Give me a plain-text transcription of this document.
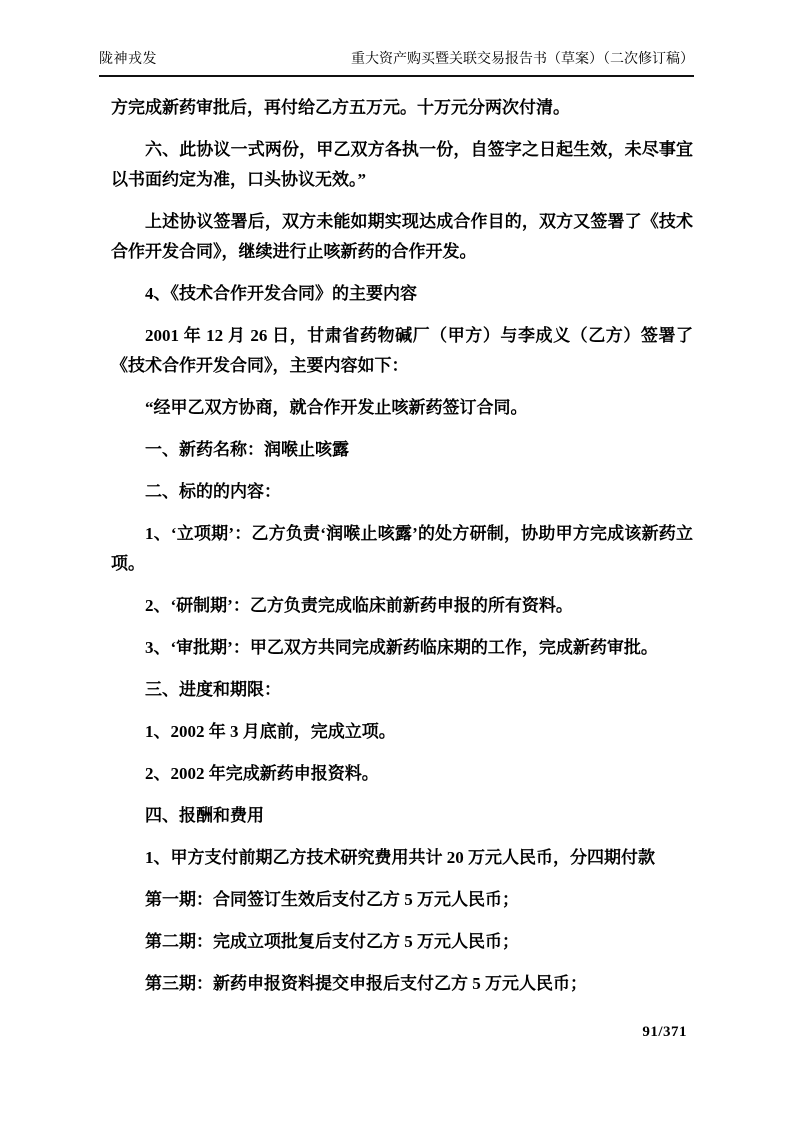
陇神戎发	重大资产购买暨关联交易报告书（草案）（二次修订稿）

方完成新药审批后，再付给乙方五万元。十万元分两次付清。

六、此协议一式两份，甲乙双方各执一份，自签字之日起生效，未尽事宜以书面约定为准，口头协议无效。”

上述协议签署后，双方未能如期实现达成合作目的，双方又签署了《技术合作开发合同》，继续进行止咳新药的合作开发。

4、《技术合作开发合同》的主要内容

2001 年 12 月 26 日，甘肃省药物碱厂（甲方）与李成义（乙方）签署了《技术合作开发合同》，主要内容如下：

“经甲乙双方协商，就合作开发止咳新药签订合同。

一、新药名称：润喉止咳露

二、标的的内容：

1、‘立项期’：乙方负责‘润喉止咳露’的处方研制，协助甲方完成该新药立项。

2、‘研制期’：乙方负责完成临床前新药申报的所有资料。

3、‘审批期’：甲乙双方共同完成新药临床期的工作，完成新药审批。

三、进度和期限：

1、2002 年 3 月底前，完成立项。

2、2002 年完成新药申报资料。

四、报酬和费用

1、甲方支付前期乙方技术研究费用共计 20 万元人民币，分四期付款

第一期：合同签订生效后支付乙方 5 万元人民币；

第二期：完成立项批复后支付乙方 5 万元人民币；

第三期：新药申报资料提交申报后支付乙方 5 万元人民币；

91/371
